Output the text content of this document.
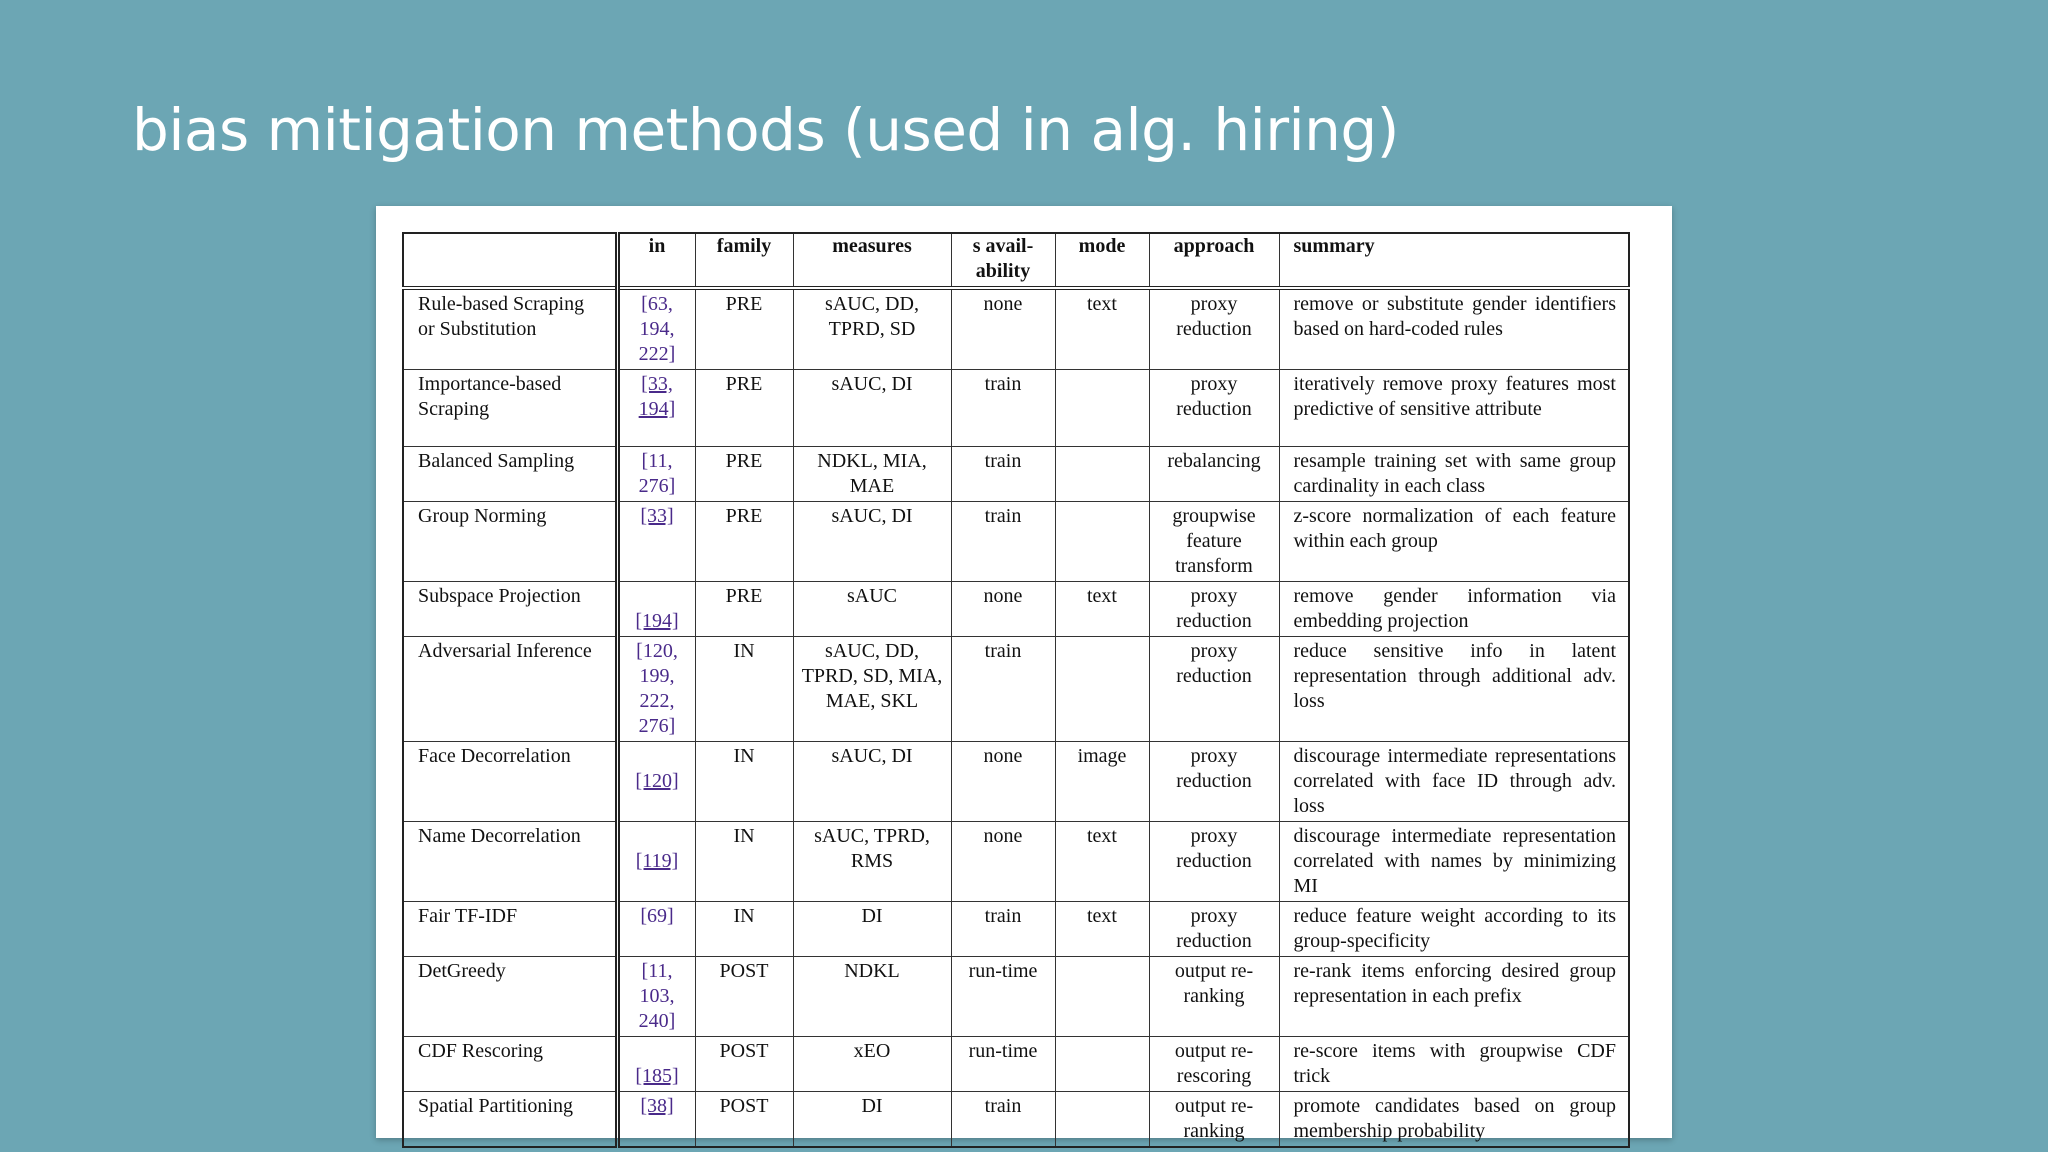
bias mitigation methods (used in alg. hiring)
	in	family	measures	s avail-ability	mode	approach	summary
Rule-based Scraping or Substitution	[63, 194, 222]	PRE	sAUC, DD, TPRD, SD	none	text	proxy reduction	remove or substitute gender identifiers based on hard-coded rules
Importance-based Scraping	[33, 194]	PRE	sAUC, DI	train		proxy reduction	iteratively remove proxy features most predictive of sensitive attribute
Balanced Sampling	[11, 276]	PRE	NDKL, MIA, MAE	train		rebalancing	resample training set with same group cardinality in each class
Group Norming	[33]	PRE	sAUC, DI	train		groupwise feature transform	z-score normalization of each feature within each group
Subspace Projection	[194]	PRE	sAUC	none	text	proxy reduction	remove gender information via embedding projection
Adversarial Inference	[120, 199, 222, 276]	IN	sAUC, DD, TPRD, SD, MIA, MAE, SKL	train		proxy reduction	reduce sensitive info in latent representation through additional adv. loss
Face Decorrelation	[120]	IN	sAUC, DI	none	image	proxy reduction	discourage intermediate representations correlated with face ID through adv. loss
Name Decorrelation	[119]	IN	sAUC, TPRD, RMS	none	text	proxy reduction	discourage intermediate representation correlated with names by minimizing MI
Fair TF-IDF	[69]	IN	DI	train	text	proxy reduction	reduce feature weight according to its group-specificity
DetGreedy	[11, 103, 240]	POST	NDKL	run-time		output re-ranking	re-rank items enforcing desired group representation in each prefix
CDF Rescoring	[185]	POST	xEO	run-time		output re-rescoring	re-score items with groupwise CDF trick
Spatial Partitioning	[38]	POST	DI	train		output re-ranking	promote candidates based on group membership probability
